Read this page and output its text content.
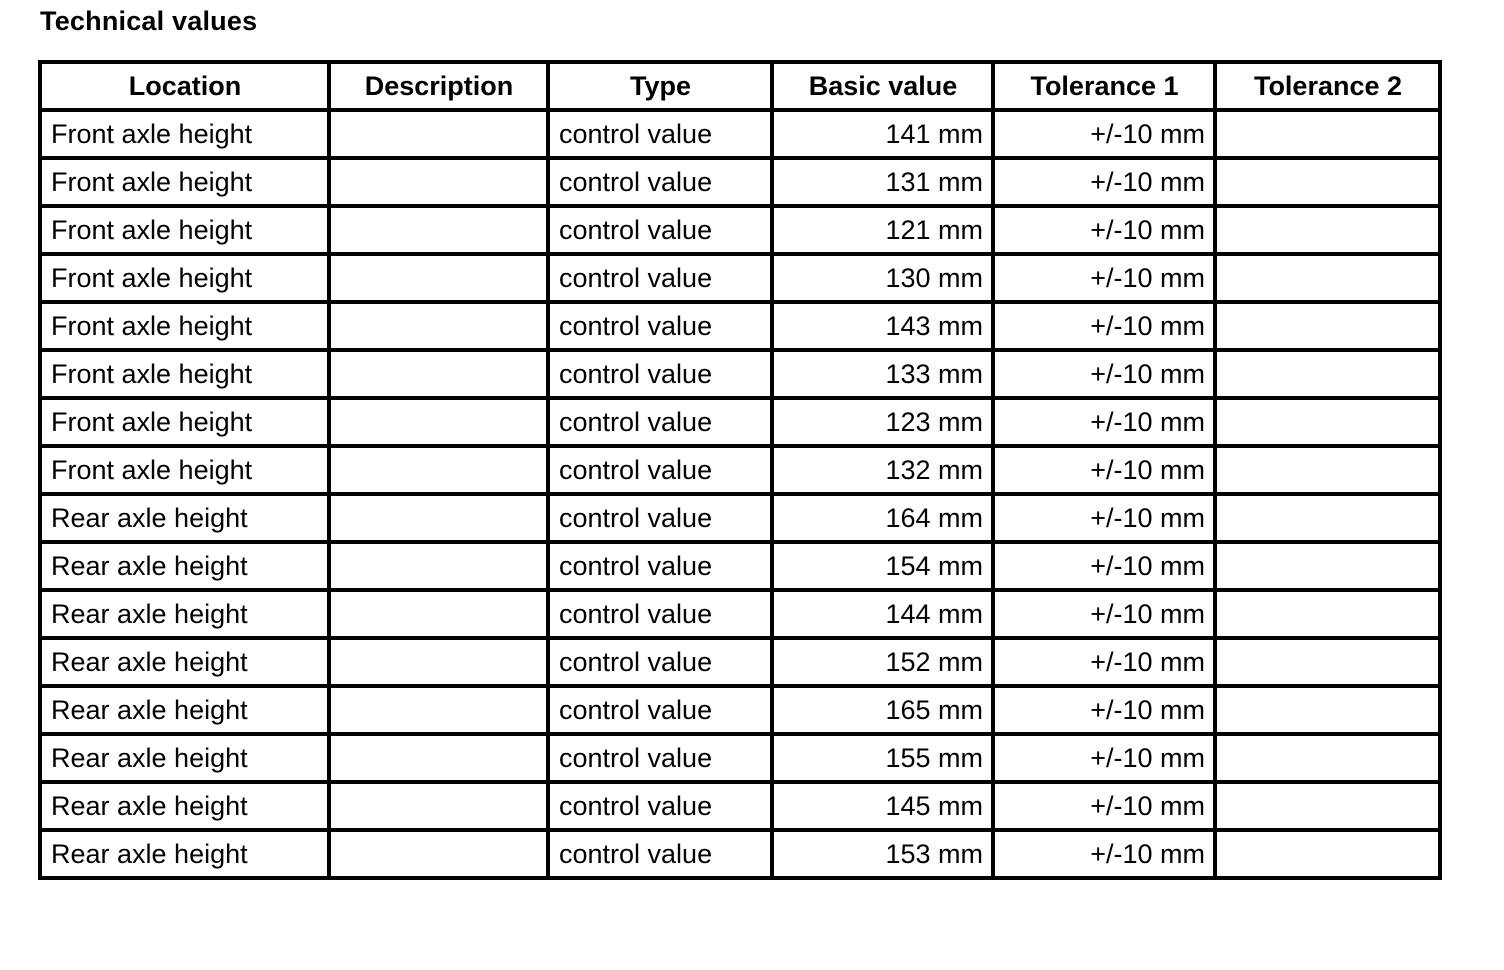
Technical values
Location	Description	Type	Basic value	Tolerance 1	Tolerance 2
Front axle height		control value	141 mm	+/-10 mm	
Front axle height		control value	131 mm	+/-10 mm	
Front axle height		control value	121 mm	+/-10 mm	
Front axle height		control value	130 mm	+/-10 mm	
Front axle height		control value	143 mm	+/-10 mm	
Front axle height		control value	133 mm	+/-10 mm	
Front axle height		control value	123 mm	+/-10 mm	
Front axle height		control value	132 mm	+/-10 mm	
Rear axle height		control value	164 mm	+/-10 mm	
Rear axle height		control value	154 mm	+/-10 mm	
Rear axle height		control value	144 mm	+/-10 mm	
Rear axle height		control value	152 mm	+/-10 mm	
Rear axle height		control value	165 mm	+/-10 mm	
Rear axle height		control value	155 mm	+/-10 mm	
Rear axle height		control value	145 mm	+/-10 mm	
Rear axle height		control value	153 mm	+/-10 mm	
